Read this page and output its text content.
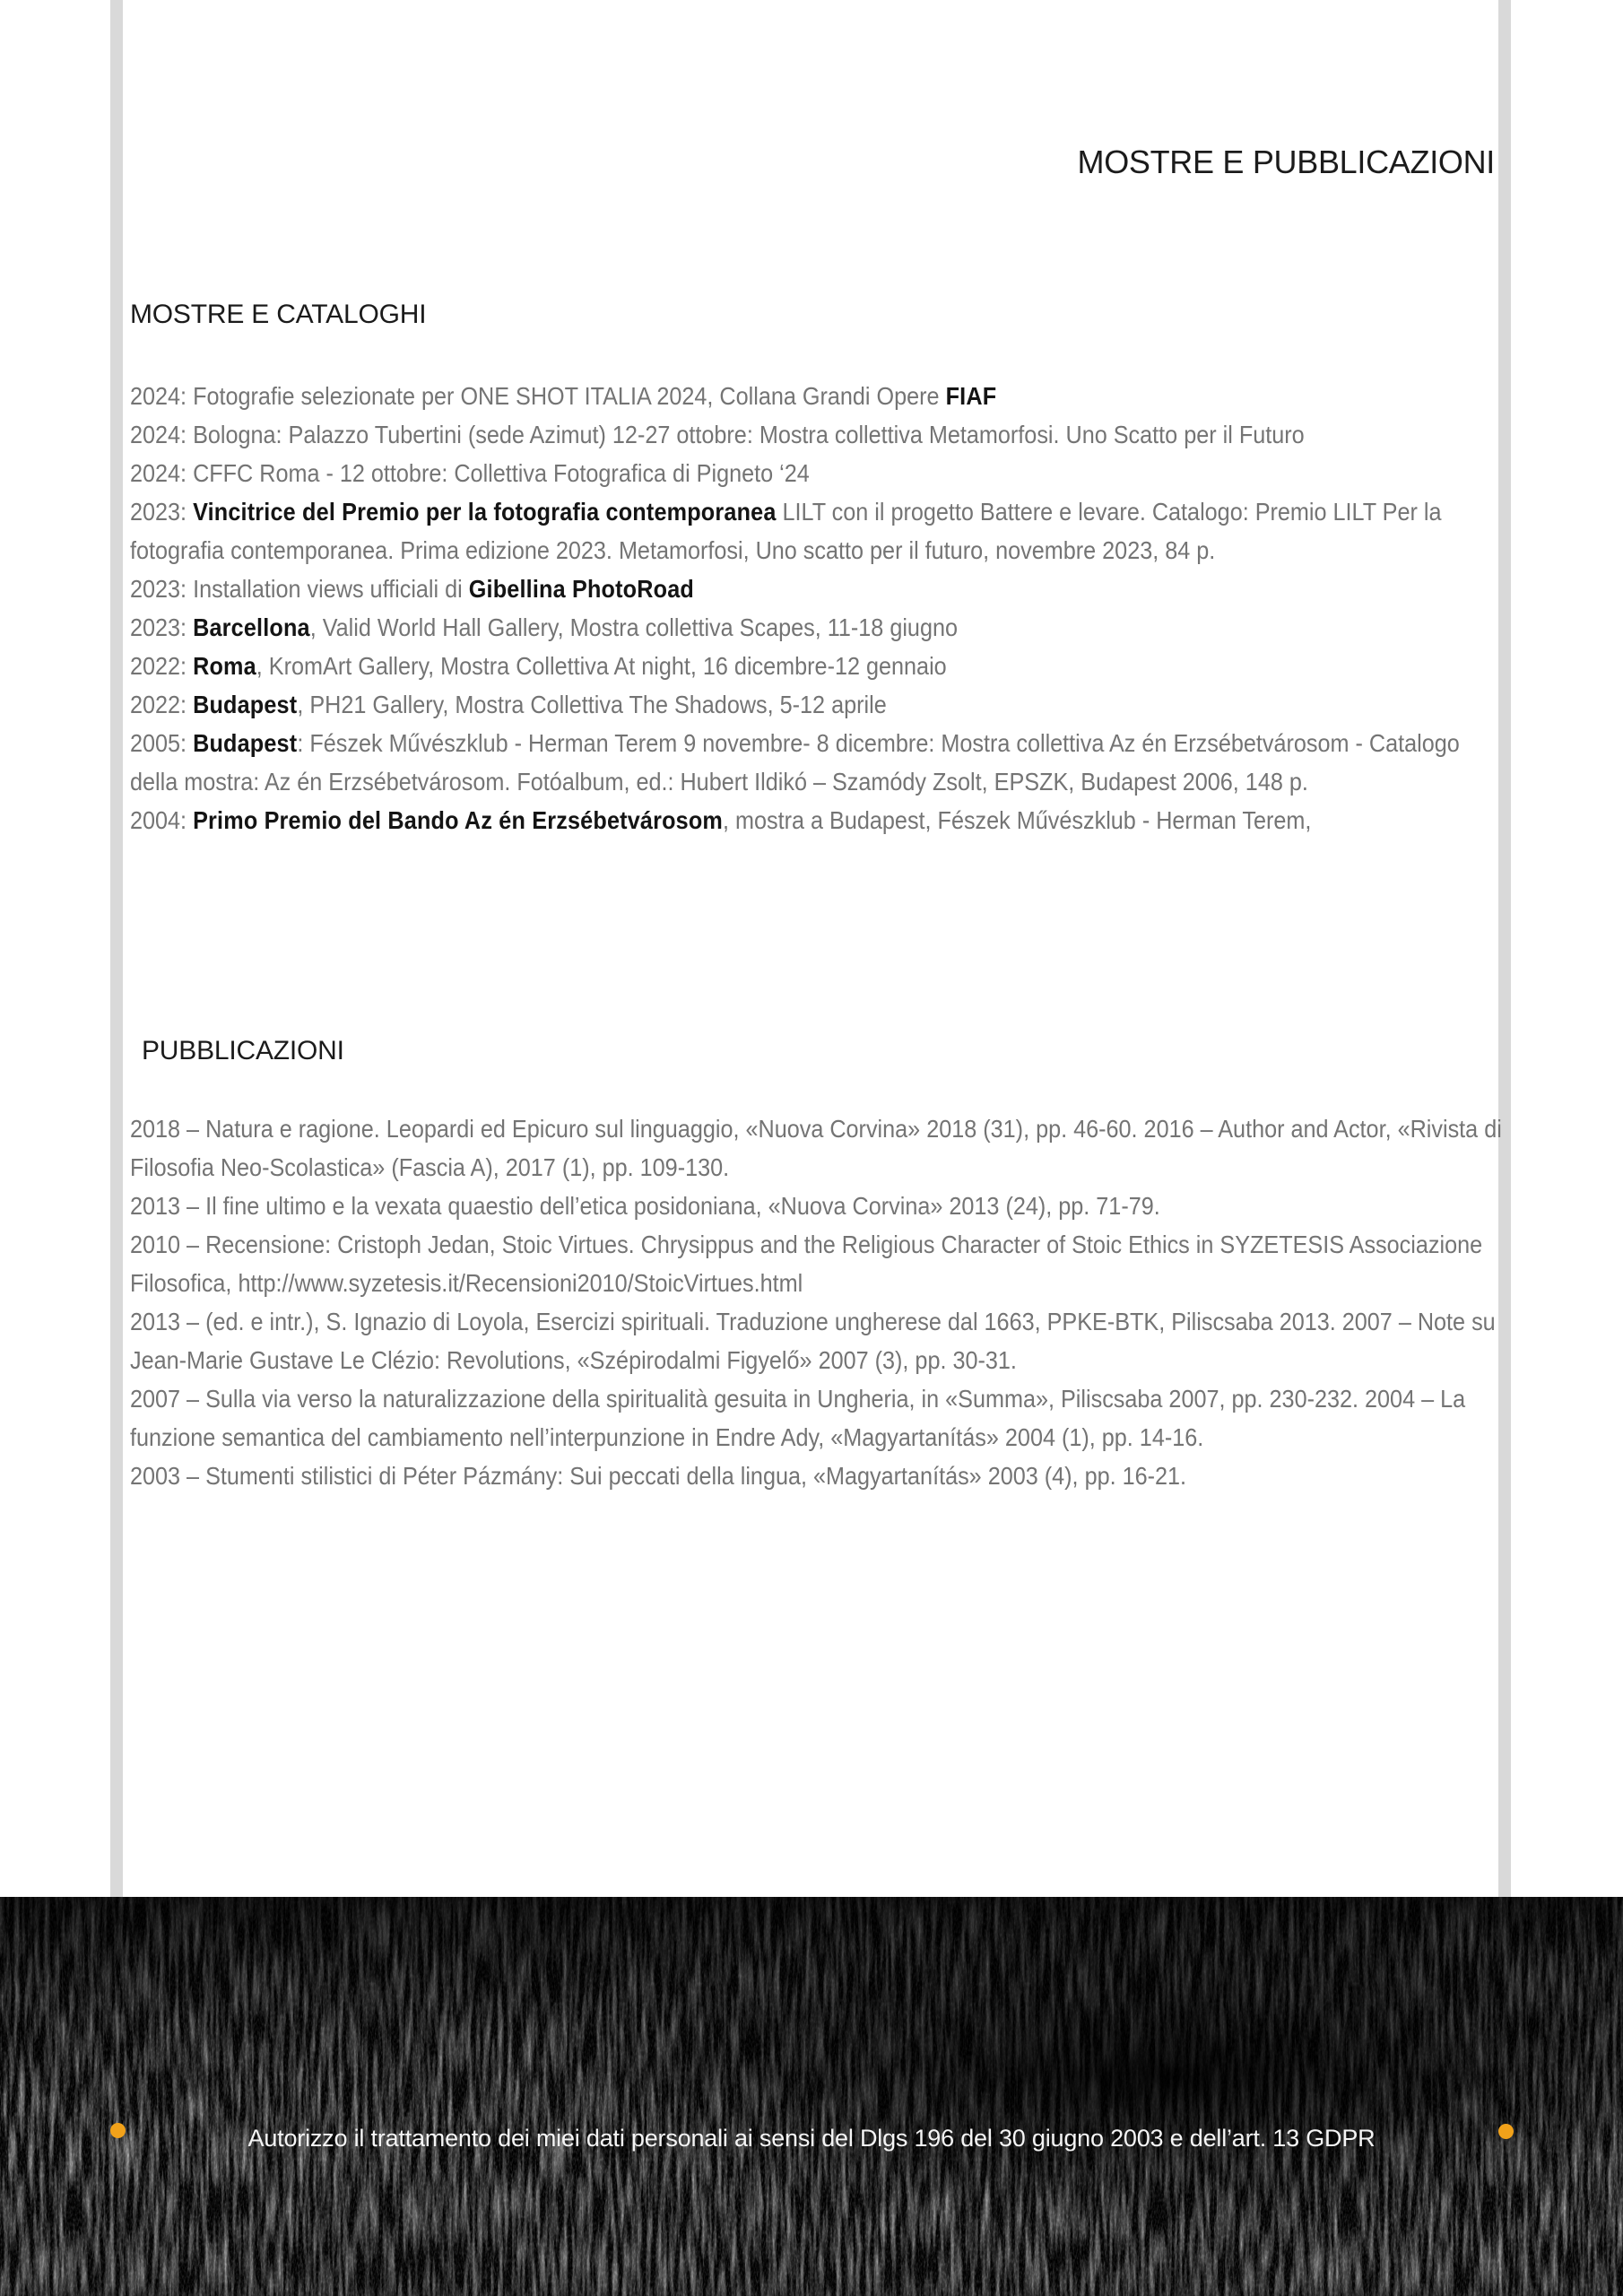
MOSTRE E PUBBLICAZIONI
MOSTRE E CATALOGHI

2024: Fotografie selezionate per ONE SHOT ITALIA 2024, Collana Grandi Opere FIAF

2024: Bologna: Palazzo Tubertini (sede Azimut) 12-27 ottobre: Mostra collettiva Metamorfosi. Uno Scatto per il Futuro

2024: CFFC Roma - 12 ottobre: Collettiva Fotografica di Pigneto ‘24

2023: Vincitrice del Premio per la fotografia contemporanea LILT con il progetto Battere e levare. Catalogo: Premio LILT Per la fotografia contemporanea. Prima edizione 2023. Metamorfosi, Uno scatto per il futuro, novembre 2023, 84 p.

2023: Installation views ufficiali di Gibellina PhotoRoad

2023: Barcellona, Valid World Hall Gallery, Mostra collettiva Scapes, 11-18 giugno

2022: Roma, KromArt Gallery, Mostra Collettiva At night, 16 dicembre-12 gennaio

2022: Budapest, PH21 Gallery, Mostra Collettiva The Shadows, 5-12 aprile

2005: Budapest: Fészek Művészklub - Herman Terem 9 novembre- 8 dicembre: Mostra collettiva Az én Erzsébetvárosom - Catalogo della mostra: Az én Erzsébetvárosom. Fotóalbum, ed.: Hubert Ildikó – Szamódy Zsolt, EPSZK, Budapest 2006, 148 p.

2004: Primo Premio del Bando Az én Erzsébetvárosom, mostra a Budapest, Fészek Művészklub - Herman Terem,

PUBBLICAZIONI

2018 – Natura e ragione. Leopardi ed Epicuro sul linguaggio, «Nuova Corvina» 2018 (31), pp. 46-60. 2016 – Author and Actor, «Rivista di Filosofia Neo-Scolastica» (Fascia A), 2017 (1), pp. 109-130.

2013 – Il fine ultimo e la vexata quaestio dell’etica posidoniana, «Nuova Corvina» 2013 (24), pp. 71-79.

2010 – Recensione: Cristoph Jedan, Stoic Virtues. Chrysippus and the Religious Character of Stoic Ethics in SYZETESIS Associazione Filosofica, http://www.syzetesis.it/Recensioni2010/StoicVirtues.html

2013 – (ed. e intr.), S. Ignazio di Loyola, Esercizi spirituali. Traduzione ungherese dal 1663, PPKE-BTK, Piliscsaba 2013. 2007 – Note su Jean-Marie Gustave Le Clézio: Revolutions, «Szépirodalmi Figyelő» 2007 (3), pp. 30-31.

2007 – Sulla via verso la naturalizzazione della spiritualità gesuita in Ungheria, in «Summa», Piliscsaba 2007, pp. 230-232. 2004 – La funzione semantica del cambiamento nell’interpunzione in Endre Ady, «Magyartanítás» 2004 (1), pp. 14-16.

2003 – Stumenti stilistici di Péter Pázmány: Sui peccati della lingua, «Magyartanítás» 2003 (4), pp. 16-21.

Autorizzo il trattamento dei miei dati personali ai sensi del Dlgs 196 del 30 giugno 2003 e dell’art. 13 GDPR
